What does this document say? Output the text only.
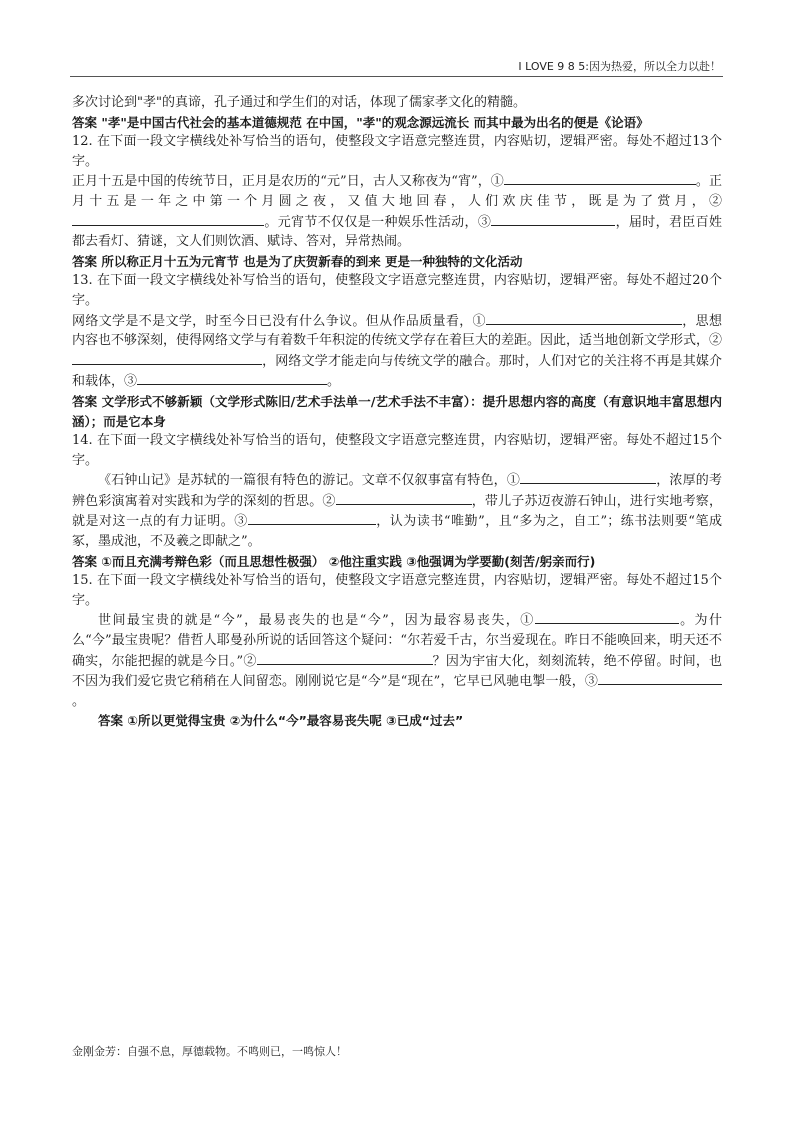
I LOVE 9 8 5:因为热爱，所以全力以赴！

多次讨论到"孝"的真谛，孔子通过和学生们的对话，体现了儒家孝文化的精髓。

答案 "孝"是中国古代社会的基本道德规范 在中国，"孝"的观念源远流长 而其中最为出名的便是《论语》

12. 在下面一段文字横线处补写恰当的语句，使整段文字语意完整连贯，内容贴切，逻辑严密。每处不超过13个字。

正月十五是中国的传统节日，正月是农历的“元”日，古人又称夜为“宵”，①	。正月十五是一年之中第一个月圆之夜，又值大地回春，人们欢庆佳节，既是为了赏月，②。元宵节不仅仅是一种娱乐性活动，③	，届时，君臣百姓都去看灯、猜谜，文人们则饮酒、赋诗、答对，异常热闹。

答案 所以称正月十五为元宵节 也是为了庆贺新春的到来 更是一种独特的文化活动

13. 在下面一段文字横线处补写恰当的语句，使整段文字语意完整连贯，内容贴切，逻辑严密。每处不超过20个字。

网络文学是不是文学，时至今日已没有什么争议。但从作品质量看，①	，思想内容也不够深刻，使得网络文学与有着数千年积淀的传统文学存在着巨大的差距。因此，适当地创新文学形式，②，网络文学才能走向与传统文学的融合。那时，人们对它的关注将不再是其媒介和载体，③	。

答案 文学形式不够新颖（文学形式陈旧/艺术手法单一/艺术手法不丰富）：提升思想内容的高度（有意识地丰富思想内涵）；而是它本身

14. 在下面一段文字横线处补写恰当的语句，使整段文字语意完整连贯，内容贴切，逻辑严密。每处不超过15个字。

《石钟山记》是苏轼的一篇很有特色的游记。文章不仅叙事富有特色，①	，浓厚的考辨色彩演寓着对实践和为学的深刻的哲思。②	，带儿子苏迈夜游石钟山，进行实地考察，就是对这一点的有力证明。③	，认为读书“唯勤”，且“多为之，自工”；练书法则要“笔成冢，墨成池，不及羲之即献之”。

答案 ①而且充满考辩色彩（而且思想性极强） ②他注重实践 ③他强调为学要勤(刻苦/躬亲而行)

15. 在下面一段文字横线处补写恰当的语句，使整段文字语意完整连贯，内容贴切，逻辑严密。每处不超过15个字。

世间最宝贵的就是“今”，最易丧失的也是“今”，因为最容易丧失，①	。为什么“今”最宝贵呢？借哲人耶曼孙所说的话回答这个疑问：“尔若爱千古，尔当爱现在。昨日不能唤回来，明天还不确实，尔能把握的就是今日。”②	？因为宇宙大化，刻刻流转，绝不停留。时间，也不因为我们爱它贵它稍稍在人间留恋。刚刚说它是“今”是“现在”，它早已风驰电掣一般，③。

答案 ①所以更觉得宝贵 ②为什么“今”最容易丧失呢 ③已成“过去”

金刚金芳：自强不息，厚德载物。不鸣则已，一鸣惊人！
